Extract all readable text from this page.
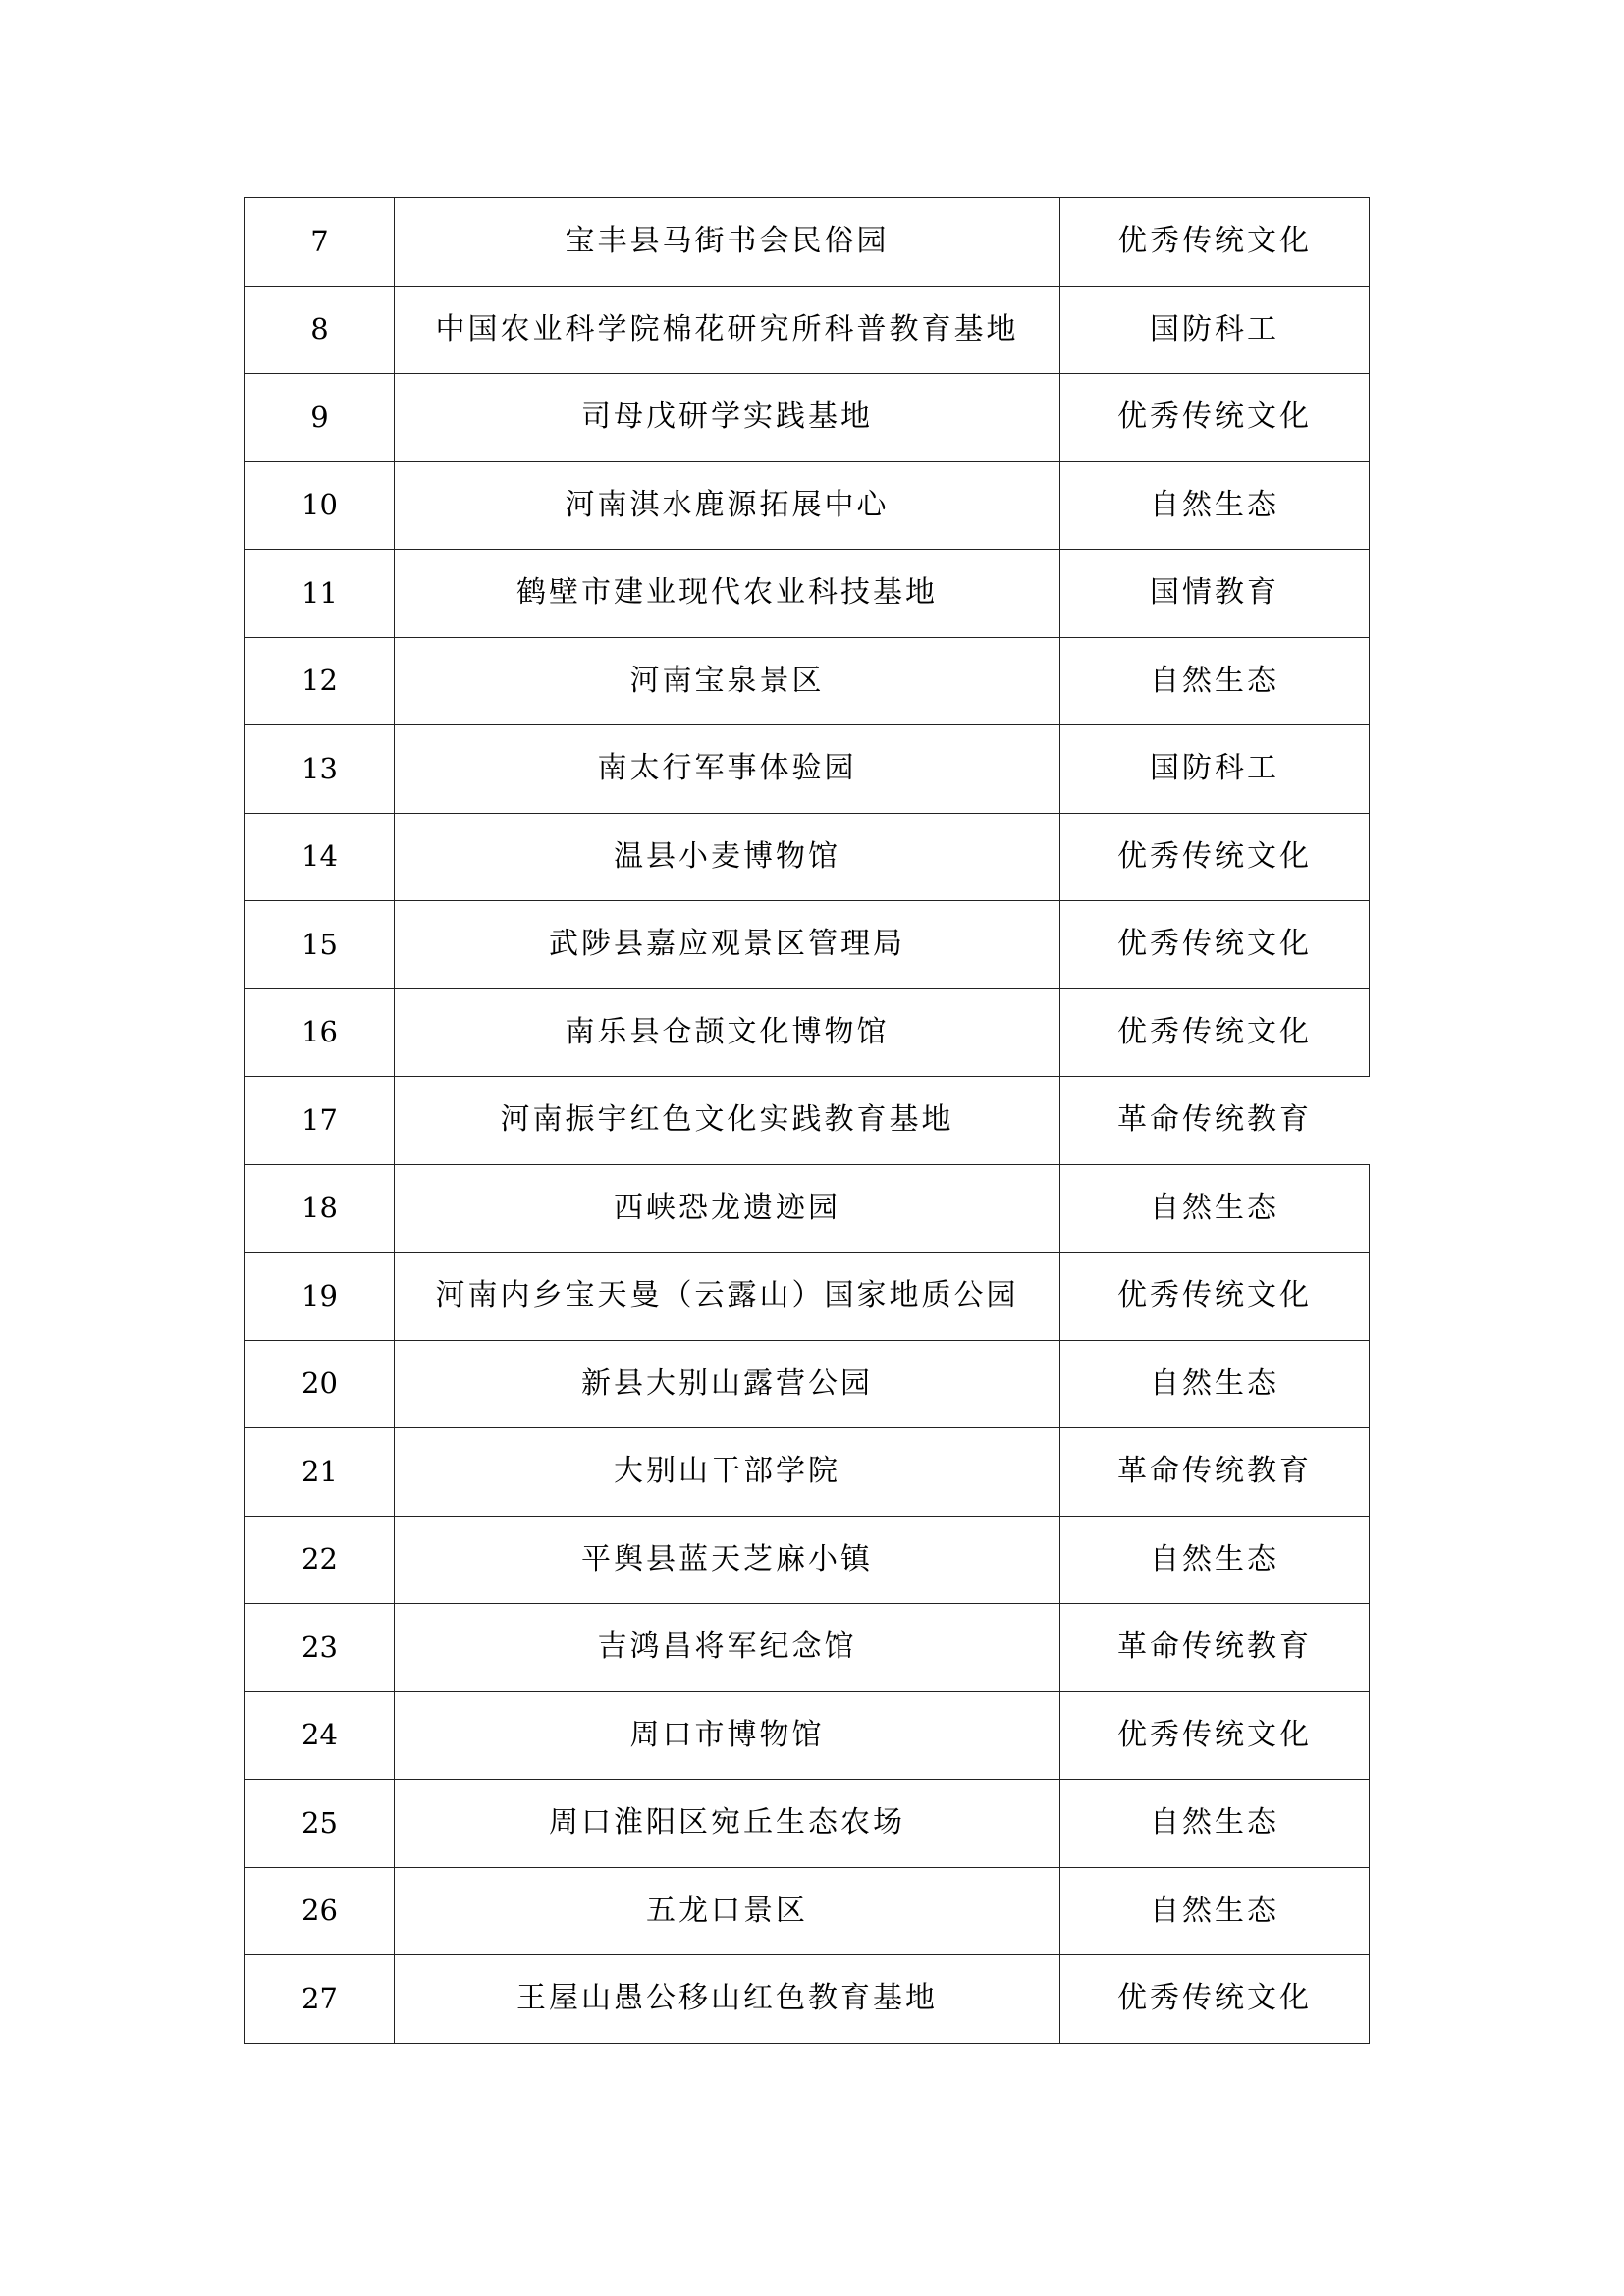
7	宝丰县马街书会民俗园	优秀传统文化
8	中国农业科学院棉花研究所科普教育基地	国防科工
9	司母戊研学实践基地	优秀传统文化
10	河南淇水鹿源拓展中心	自然生态
11	鹤壁市建业现代农业科技基地	国情教育
12	河南宝泉景区	自然生态
13	南太行军事体验园	国防科工
14	温县小麦博物馆	优秀传统文化
15	武陟县嘉应观景区管理局	优秀传统文化
16	南乐县仓颉文化博物馆	优秀传统文化
17	河南振宇红色文化实践教育基地	革命传统教育
18	西峡恐龙遗迹园	自然生态
19	河南内乡宝天曼（云露山）国家地质公园	优秀传统文化
20	新县大别山露营公园	自然生态
21	大别山干部学院	革命传统教育
22	平舆县蓝天芝麻小镇	自然生态
23	吉鸿昌将军纪念馆	革命传统教育
24	周口市博物馆	优秀传统文化
25	周口淮阳区宛丘生态农场	自然生态
26	五龙口景区	自然生态
27	王屋山愚公移山红色教育基地	优秀传统文化
